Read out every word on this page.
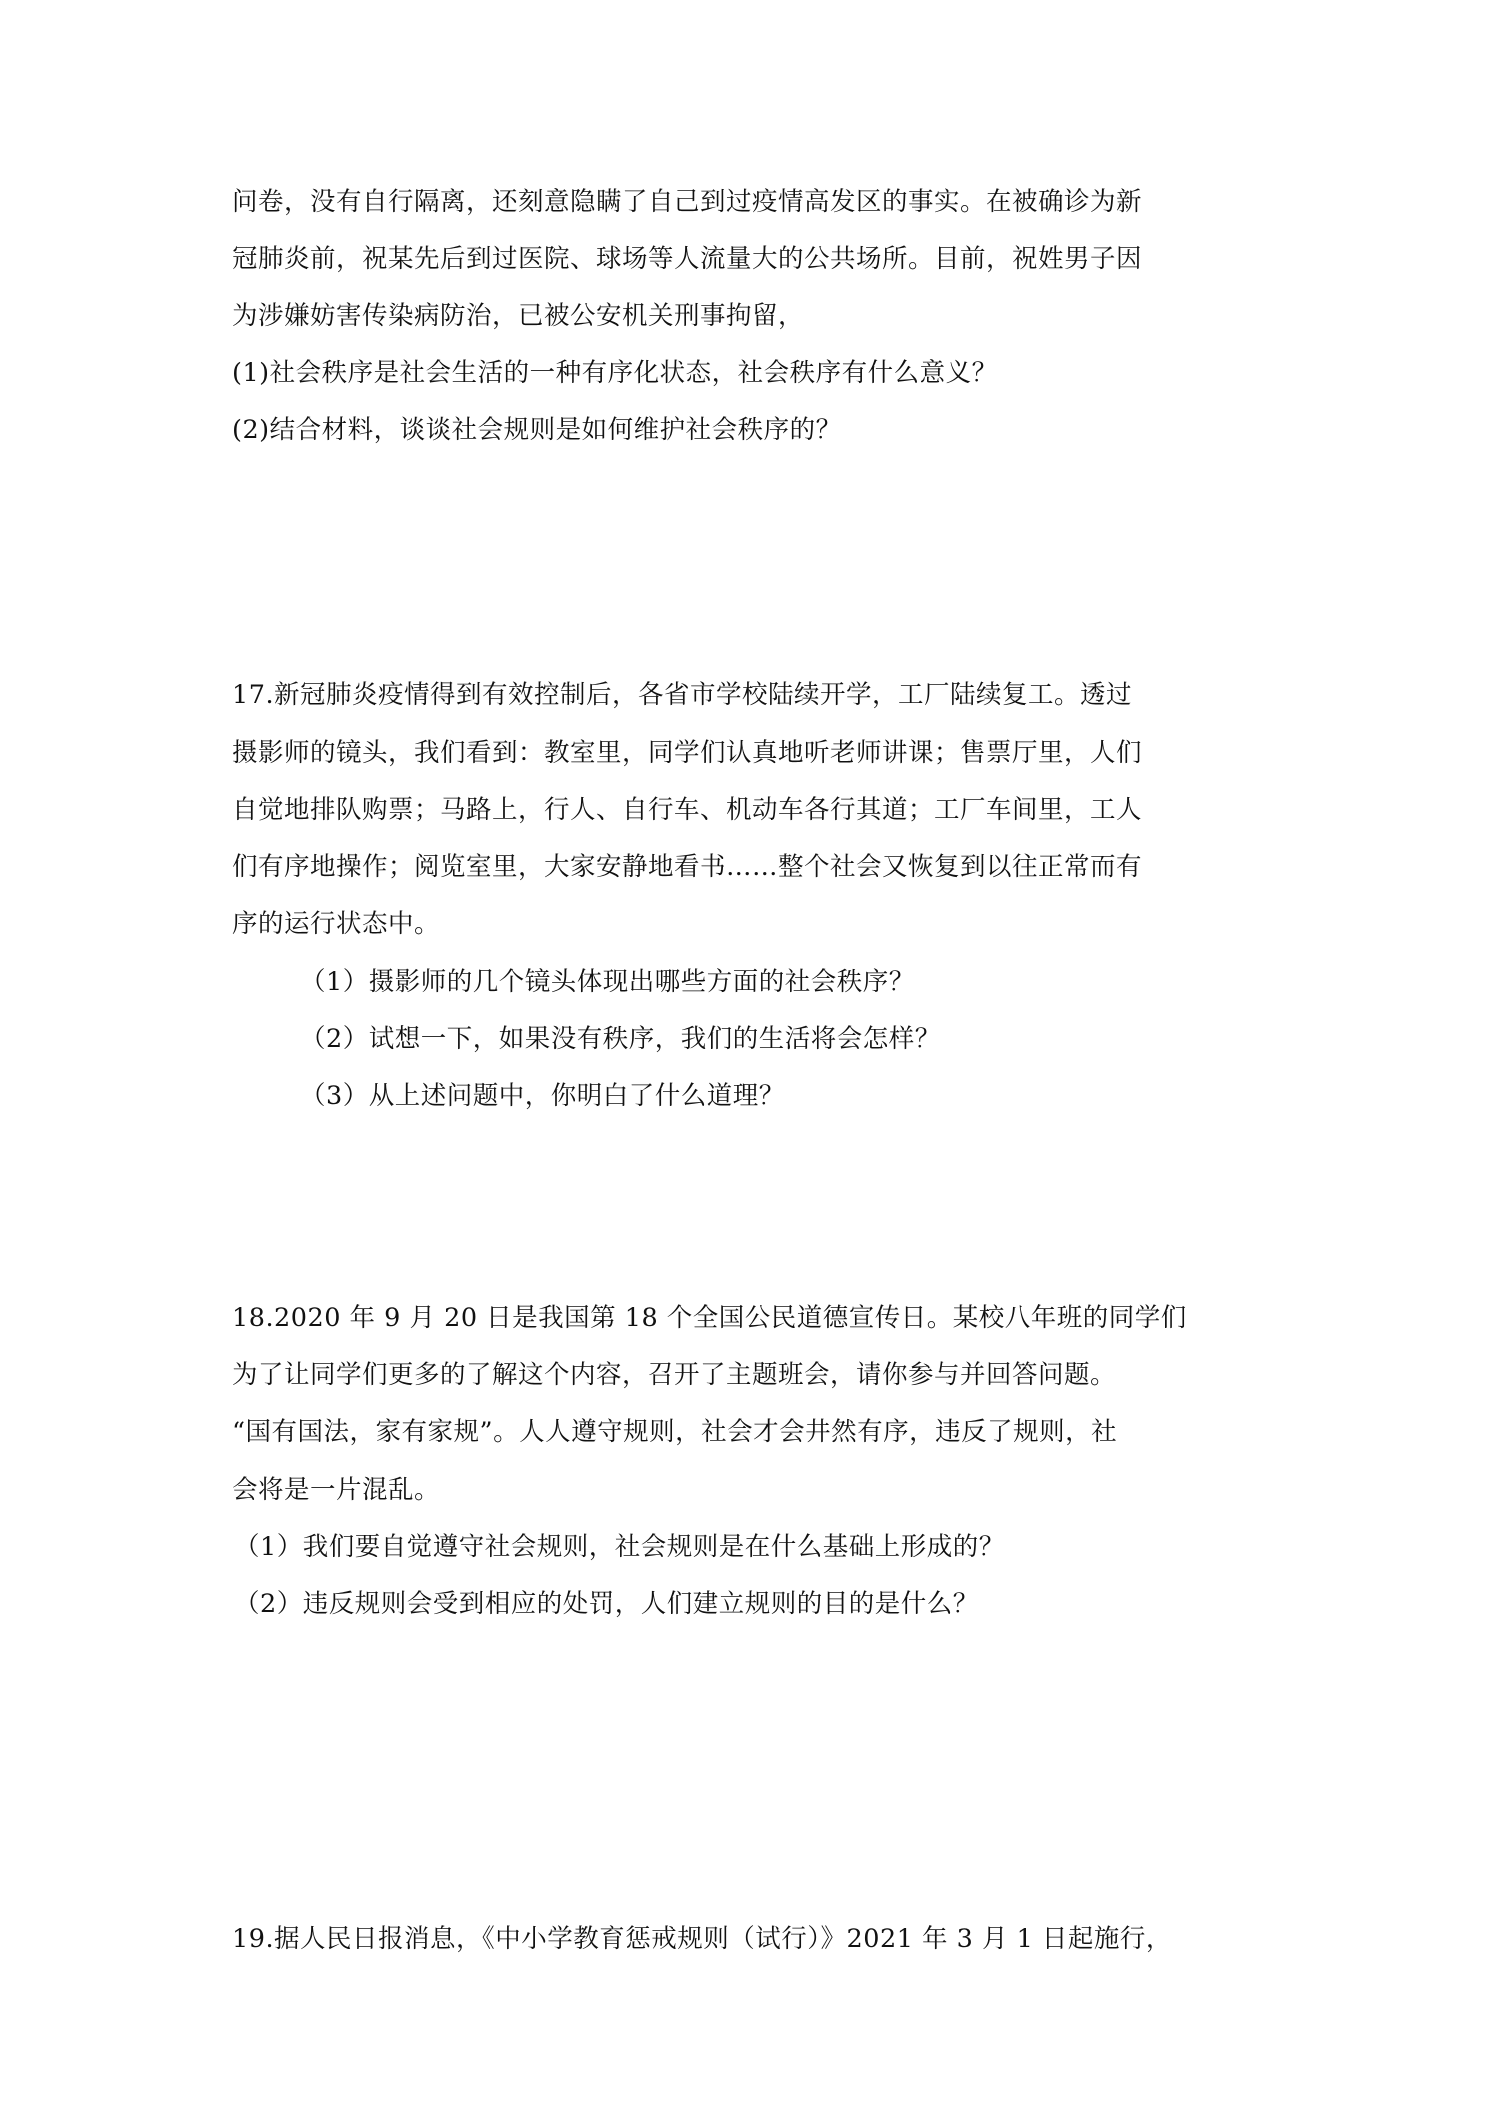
问卷，没有自行隔离，还刻意隐瞒了自己到过疫情高发区的事实。在被确诊为新
冠肺炎前，祝某先后到过医院、球场等人流量大的公共场所。目前，祝姓男子因
为涉嫌妨害传染病防治，已被公安机关刑事拘留，
(1)社会秩序是社会生活的一种有序化状态，社会秩序有什么意义？
(2)结合材料，谈谈社会规则是如何维护社会秩序的？
17.新冠肺炎疫情得到有效控制后，各省市学校陆续开学，工厂陆续复工。透过
摄影师的镜头，我们看到：教室里，同学们认真地听老师讲课；售票厅里，人们
自觉地排队购票；马路上，行人、自行车、机动车各行其道；工厂车间里，工人
们有序地操作；阅览室里，大家安静地看书……整个社会又恢复到以往正常而有
序的运行状态中。
（1）摄影师的几个镜头体现出哪些方面的社会秩序？
（2）试想一下，如果没有秩序，我们的生活将会怎样？
（3）从上述问题中，你明白了什么道理？
18.2020 年 9 月 20 日是我国第 18 个全国公民道德宣传日。某校八年班的同学们
为了让同学们更多的了解这个内容，召开了主题班会，请你参与并回答问题。
“国有国法，家有家规”。人人遵守规则，社会才会井然有序，违反了规则，社
会将是一片混乱。
（1）我们要自觉遵守社会规则，社会规则是在什么基础上形成的？
（2）违反规则会受到相应的处罚，人们建立规则的目的是什么？
19.据人民日报消息，《中小学教育惩戒规则（试行）》2021 年 3 月 1 日起施行，
